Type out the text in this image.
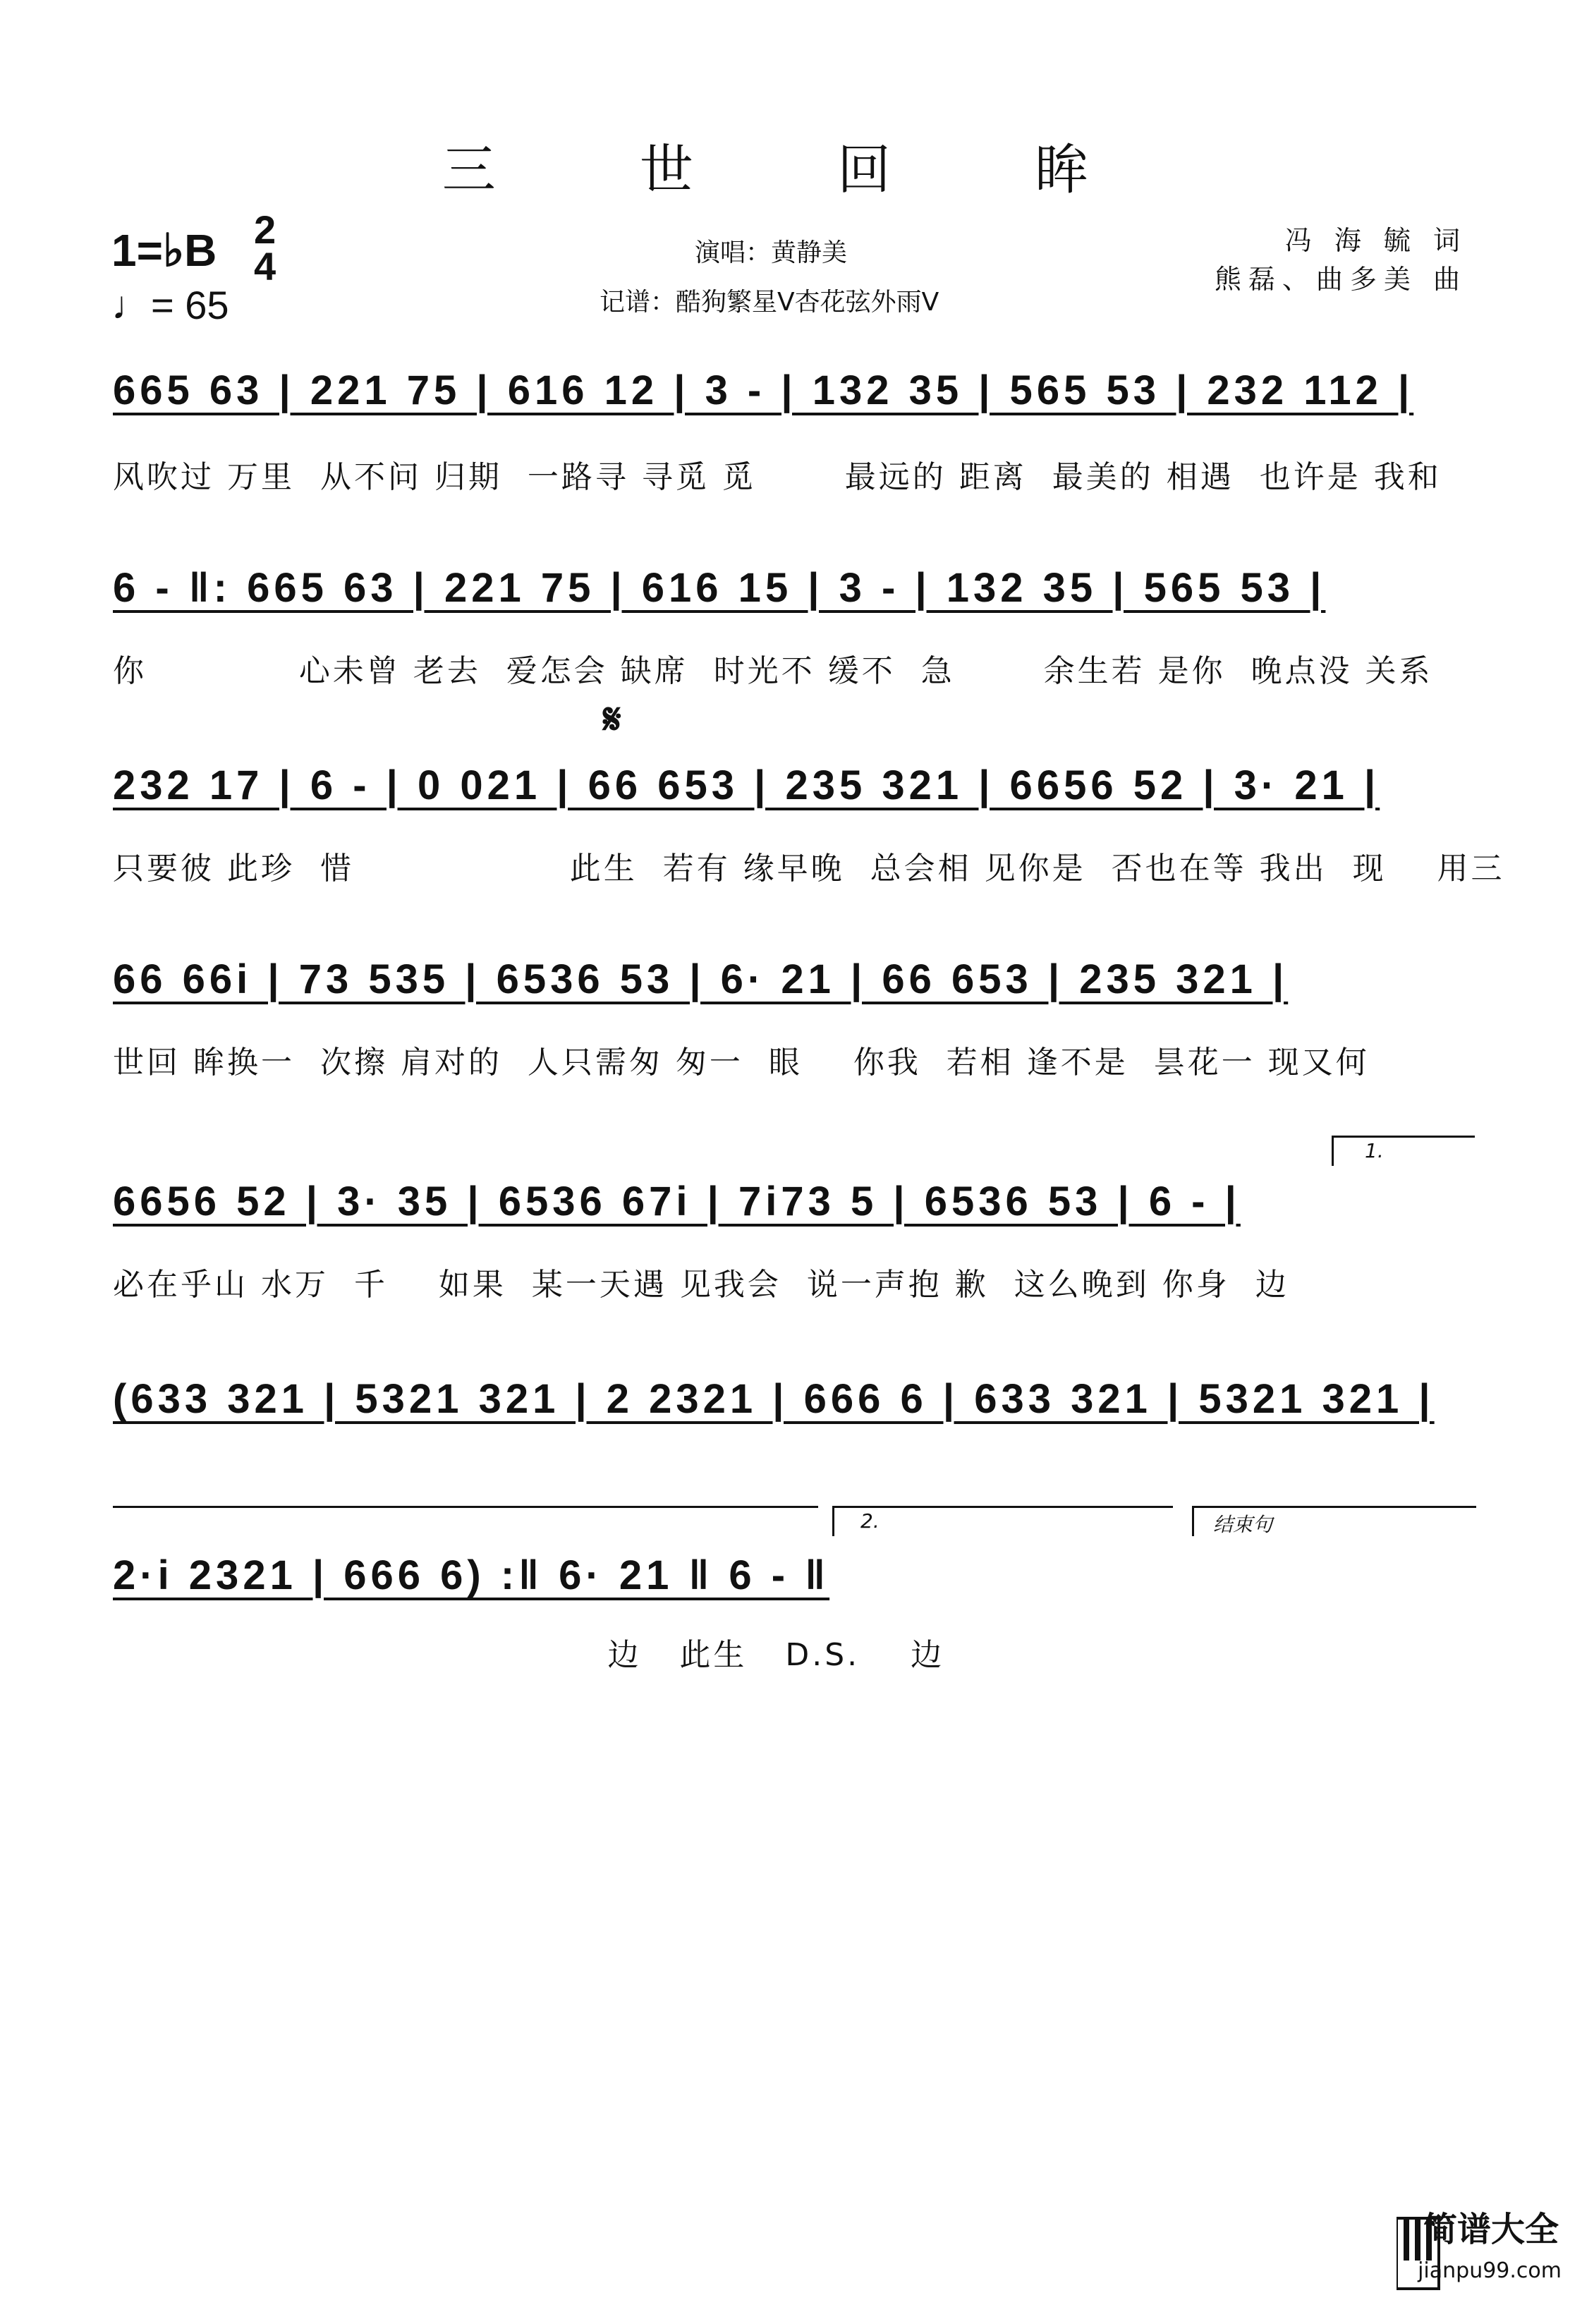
三 世 回 眸
1=♭B 2
4
♩= 65
演唱：黄静美
记谱：酷狗繁星V杏花弦外雨V
冯 海 毓 词
熊磊、曲多美 曲
665 63 | 221 75 | 616 12 | 3 - | 132 35 | 565 53 | 232 112 |
风吹过 万里  从不问 归期  一路寻 寻觅 觅       最远的 距离  最美的 相遇  也许是 我和
6 - ‖: 665 63 | 221 75 | 616 15 | 3 - | 132 35 | 565 53 |
你            心未曾 老去  爱怎会 缺席  时光不 缓不  急       余生若 是你  晚点没 关系
𝄋
232 17 | 6 - | 0 021 | 66 653 | 235 321 | 6656 52 | 3· 21 |
只要彼 此珍  惜                 此生  若有 缘早晚  总会相 见你是  否也在等 我出  现    用三
66 66i | 73 535 | 6536 53 | 6· 21 | 66 653 | 235 321 |
世回 眸换一  次擦 肩对的  人只需匆 匆一  眼    你我  若相 逢不是  昙花一 现又何
1.
6656 52 | 3· 35 | 6536 67i | 7i73 5 | 6536 53 | 6 - |
必在乎山 水万  千    如果  某一天遇 见我会  说一声抱 歉  这么晚到 你身  边
(633 321 | 5321 321 | 2 2321 | 666 6 | 633 321 | 5321 321 |
2.	结束句
2·i 2321 | 666 6) :‖ 6· 21 ‖ 6 - ‖
边   此生   D.S.    边
简谱大全
jianpu99.com
